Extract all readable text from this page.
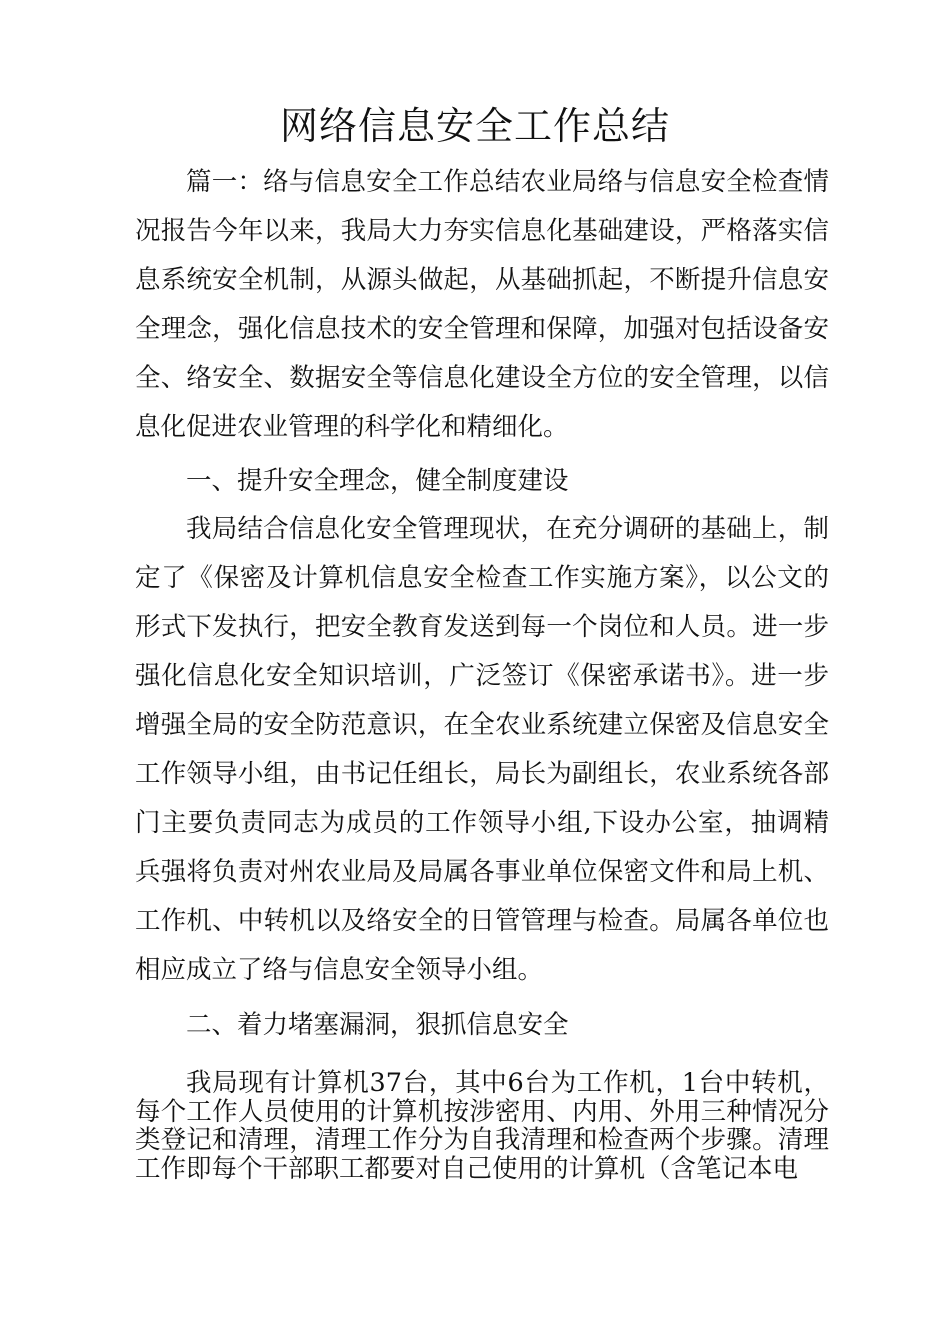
网络信息安全工作总结

篇一：络与信息安全工作总结农业局络与信息安全检查情况报告今年以来，我局大力夯实信息化基础建设，严格落实信息系统安全机制，从源头做起，从基础抓起，不断提升信息安全理念，强化信息技术的安全管理和保障，加强对包括设备安全、络安全、数据安全等信息化建设全方位的安全管理，以信息化促进农业管理的科学化和精细化。

一、提升安全理念，健全制度建设

我局结合信息化安全管理现状，在充分调研的基础上，制定了《保密及计算机信息安全检查工作实施方案》，以公文的形式下发执行，把安全教育发送到每一个岗位和人员。进一步强化信息化安全知识培训，广泛签订《保密承诺书》。进一步增强全局的安全防范意识，在全农业系统建立保密及信息安全工作领导小组，由书记任组长，局长为副组长，农业系统各部门主要负责同志为成员的工作领导小组,下设办公室，抽调精兵强将负责对州农业局及局属各事业单位保密文件和局上机、工作机、中转机以及络安全的日管管理与检查。局属各单位也相应成立了络与信息安全领导小组。

二、着力堵塞漏洞，狠抓信息安全

我局现有计算机37台，其中6台为工作机，1台中转机，每个工作人员使用的计算机按涉密用、内用、外用三种情况分类登记和清理，清理工作分为自我清理和检查两个步骤。清理工作即每个干部职工都要对自己使用的计算机（含笔记本电
